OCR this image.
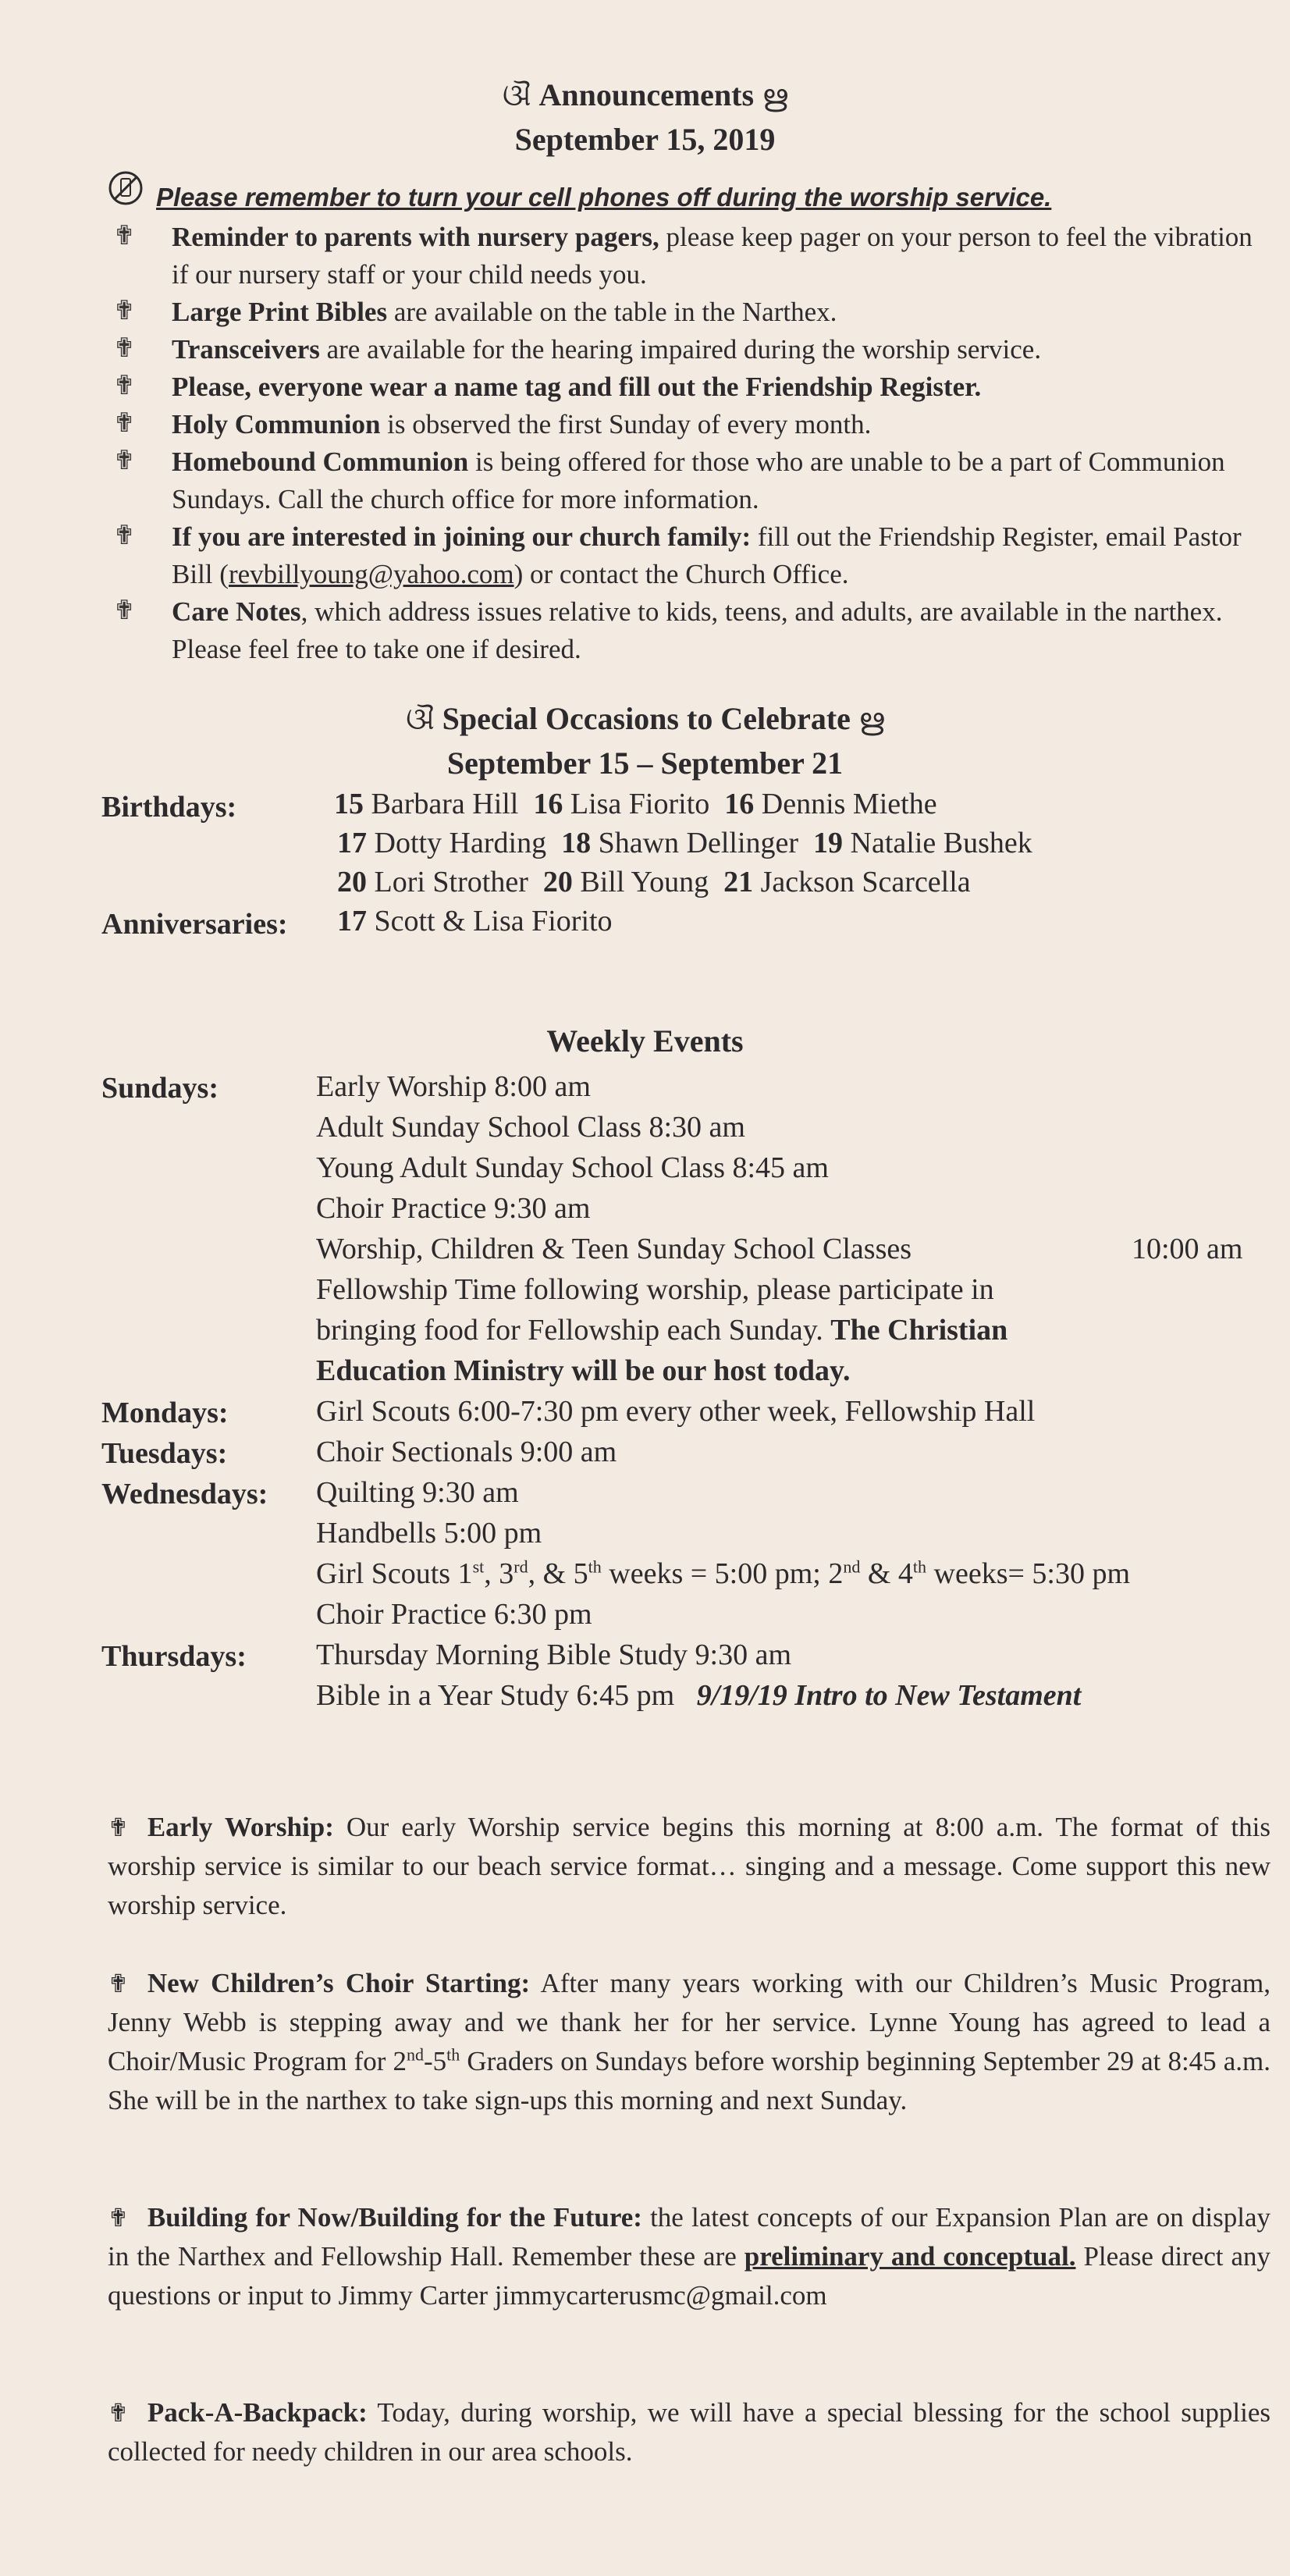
ଔ Announcements ഋ
September 15, 2019
Please remember to turn your cell phones off during the worship service.
✟ Reminder to parents with nursery pagers, please keep pager on your person to feel the vibration if our nursery staff or your child needs you.
✟ Large Print Bibles are available on the table in the Narthex.
✟ Transceivers are available for the hearing impaired during the worship service.
✟ Please, everyone wear a name tag and fill out the Friendship Register.
✟ Holy Communion is observed the first Sunday of every month.
✟ Homebound Communion is being offered for those who are unable to be a part of Communion Sundays. Call the church office for more information.
✟ If you are interested in joining our church family: fill out the Friendship Register, email Pastor Bill (revbillyoung@yahoo.com) or contact the Church Office.
✟ Care Notes, which address issues relative to kids, teens, and adults, are available in the narthex. Please feel free to take one if desired.
ଔ Special Occasions to Celebrate ഋ
September 15 – September 21
Birthdays:	15 Barbara Hill 16 Lisa Fiorito 16 Dennis Miethe
17 Dotty Harding 18 Shawn Dellinger 19 Natalie Bushek
20 Lori Strother 20 Bill Young 21 Jackson Scarcella
Anniversaries: 17 Scott & Lisa Fiorito
Weekly Events
Sundays:	Early Worship 8:00 am
Adult Sunday School Class 8:30 am
Young Adult Sunday School Class 8:45 am
Choir Practice 9:30 am
Worship, Children & Teen Sunday School Classes	10:00 am
Fellowship Time following worship, please participate in
bringing food for Fellowship each Sunday. The Christian
Education Ministry will be our host today.
Mondays:	Girl Scouts 6:00-7:30 pm every other week, Fellowship Hall
Tuesdays:	Choir Sectionals 9:00 am
Wednesdays: Quilting 9:30 am
Handbells 5:00 pm
Girl Scouts 1st, 3rd, & 5th weeks = 5:00 pm; 2nd & 4th weeks= 5:30 pm
Choir Practice 6:30 pm
Thursdays: Thursday Morning Bible Study 9:30 am
Bible in a Year Study 6:45 pm 9/19/19 Intro to New Testament
✟ Early Worship: Our early Worship service begins this morning at 8:00 a.m. The format of this worship service is similar to our beach service format… singing and a message. Come support this new worship service.
✟ New Children’s Choir Starting: After many years working with our Children’s Music Program, Jenny Webb is stepping away and we thank her for her service. Lynne Young has agreed to lead a Choir/Music Program for 2nd-5th Graders on Sundays before worship beginning September 29 at 8:45 a.m. She will be in the narthex to take sign-ups this morning and next Sunday.
✟ Building for Now/Building for the Future: the latest concepts of our Expansion Plan are on display in the Narthex and Fellowship Hall. Remember these are preliminary and conceptual. Please direct any questions or input to Jimmy Carter jimmycarterusmc@gmail.com
✟ Pack-A-Backpack: Today, during worship, we will have a special blessing for the school supplies collected for needy children in our area schools.
